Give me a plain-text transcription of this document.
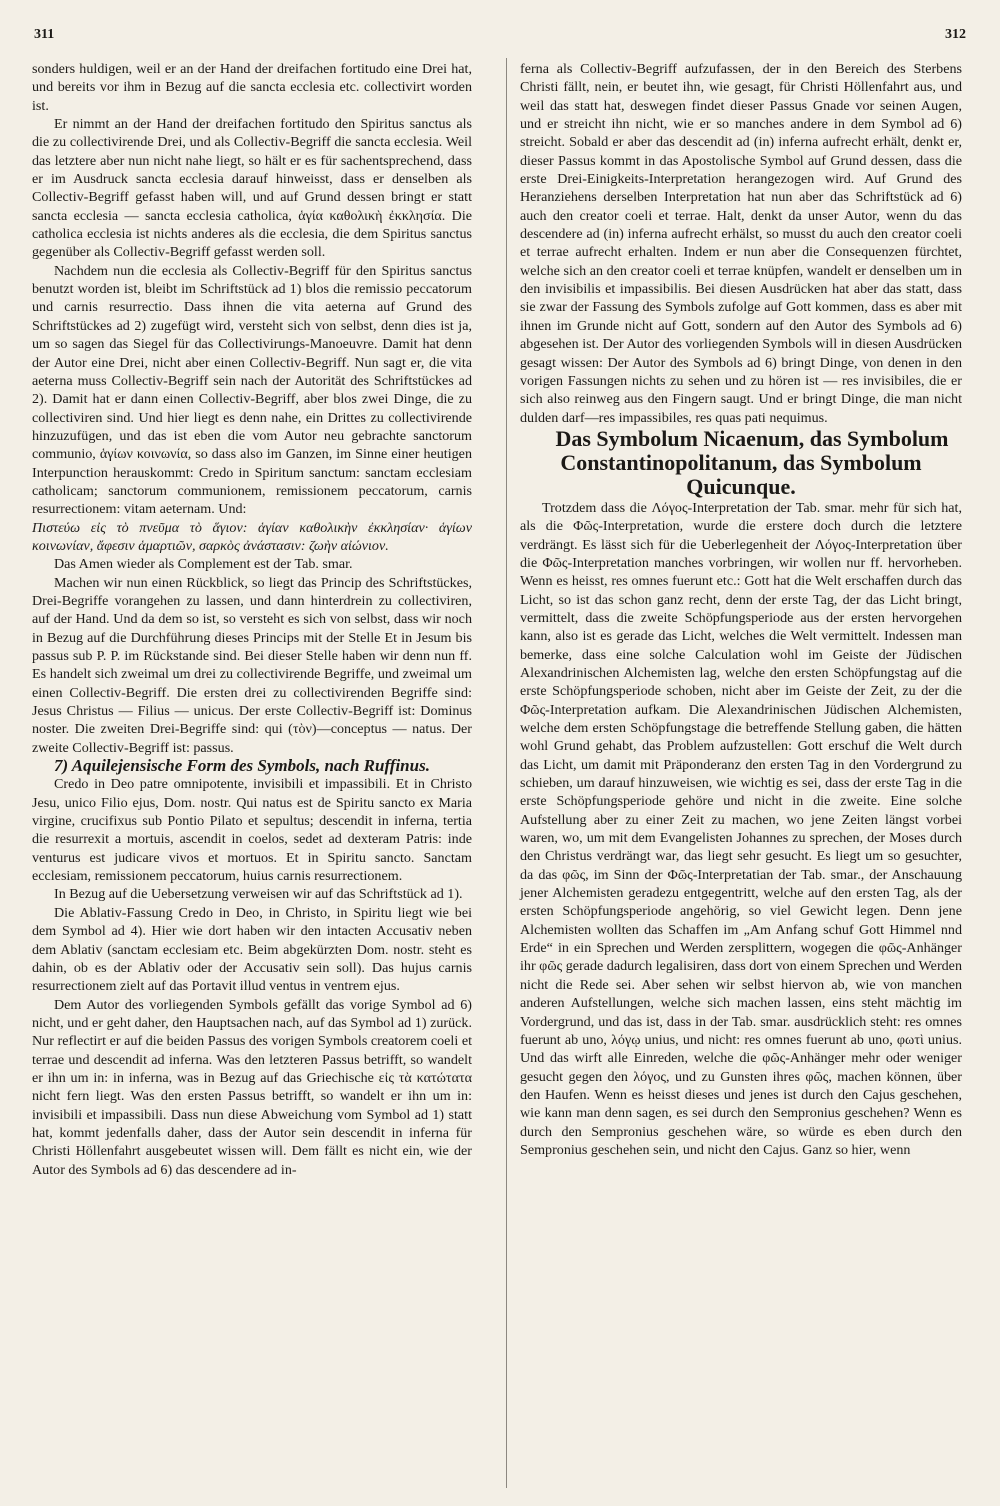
311	312

sonders huldigen, weil er an der Hand der dreifachen fortitudo eine Drei hat, und bereits vor ihm in Bezug auf die sancta ecclesia etc. collectivirt worden ist.

Er nimmt an der Hand der dreifachen fortitudo den Spiritus sanctus als die zu collectivirende Drei, und als Collectiv-Begriff die sancta ecclesia. Weil das letztere aber nun nicht nahe liegt, so hält er es für sachentsprechend, dass er im Ausdruck sancta ecclesia darauf hinweisst, dass er denselben als Collectiv-Begriff gefasst haben will, und auf Grund dessen bringt er statt sancta ecclesia — sancta ecclesia catholica, ἁγία καθολικὴ ἐκκλησία. Die catholica ecclesia ist nichts anderes als die ecclesia, die dem Spiritus sanctus gegenüber als Collectiv-Begriff gefasst werden soll.

Nachdem nun die ecclesia als Collectiv-Begriff für den Spiritus sanctus benutzt worden ist, bleibt im Schriftstück ad 1) blos die remissio peccatorum und carnis resurrectio. Dass ihnen die vita aeterna auf Grund des Schriftstückes ad 2) zugefügt wird, versteht sich von selbst, denn dies ist ja, um so sagen das Siegel für das Collectivirungs-Manoeuvre. Damit hat denn der Autor eine Drei, nicht aber einen Collectiv-Begriff. Nun sagt er, die vita aeterna muss Collectiv-Begriff sein nach der Autorität des Schriftstückes ad 2). Damit hat er dann einen Collectiv-Begriff, aber blos zwei Dinge, die zu collectiviren sind. Und hier liegt es denn nahe, ein Drittes zu collectivirende hinzuzufügen, und das ist eben die vom Autor neu gebrachte sanctorum communio, ἁγίων κοινωνία, so dass also im Ganzen, im Sinne einer heutigen Interpunction herauskommt: Credo in Spiritum sanctum: sanctam ecclesiam catholicam; sanctorum communionem, remissionem peccatorum, carnis resurrectionem: vitam aeternam. Und:

Πιστεύω εἰς τὸ πνεῦμα τὸ ἅγιον: ἁγίαν καθολικὴν ἐκκλησίαν· ἁγίων κοινωνίαν, ἄφεσιν ἁμαρτιῶν, σαρκὸς ἀνάστασιν: ζωὴν αἰώνιον.

Das Amen wieder als Complement est der Tab. smar.

Machen wir nun einen Rückblick, so liegt das Princip des Schriftstückes, Drei-Begriffe vorangehen zu lassen, und dann hinterdrein zu collectiviren, auf der Hand. Und da dem so ist, so versteht es sich von selbst, dass wir noch in Bezug auf die Durchführung dieses Princips mit der Stelle Et in Jesum bis passus sub P. P. im Rückstande sind. Bei dieser Stelle haben wir denn nun ff. Es handelt sich zweimal um drei zu collectivirende Begriffe, und zweimal um einen Collectiv-Begriff. Die ersten drei zu collectivirenden Begriffe sind: Jesus Christus — Filius — unicus. Der erste Collectiv-Begriff ist: Dominus noster. Die zweiten Drei-Begriffe sind: qui (τὸν)—conceptus — natus. Der zweite Collectiv-Begriff ist: passus.

7) Aquilejensische Form des Symbols, nach Ruffinus.

Credo in Deo patre omnipotente, invisibili et impassibili. Et in Christo Jesu, unico Filio ejus, Dom. nostr. Qui natus est de Spiritu sancto ex Maria virgine, crucifixus sub Pontio Pilato et sepultus; descendit in inferna, tertia die resurrexit a mortuis, ascendit in coelos, sedet ad dexteram Patris: inde venturus est judicare vivos et mortuos. Et in Spiritu sancto. Sanctam ecclesiam, remissionem peccatorum, huius carnis resurrectionem.

In Bezug auf die Uebersetzung verweisen wir auf das Schriftstück ad 1).

Die Ablativ-Fassung Credo in Deo, in Christo, in Spiritu liegt wie bei dem Symbol ad 4). Hier wie dort haben wir den intacten Accusativ neben dem Ablativ (sanctam ecclesiam etc. Beim abgekürzten Dom. nostr. steht es dahin, ob es der Ablativ oder der Accusativ sein soll). Das hujus carnis resurrectionem zielt auf das Portavit illud ventus in ventrem ejus.

Dem Autor des vorliegenden Symbols gefällt das vorige Symbol ad 6) nicht, und er geht daher, den Hauptsachen nach, auf das Symbol ad 1) zurück. Nur reflectirt er auf die beiden Passus des vorigen Symbols creatorem coeli et terrae und descendit ad inferna. Was den letzteren Passus betrifft, so wandelt er ihn um in: in inferna, was in Bezug auf das Griechische εἰς τὰ κατώτατα nicht fern liegt. Was den ersten Passus betrifft, so wandelt er ihn um in: invisibili et impassibili. Dass nun diese Abweichung vom Symbol ad 1) statt hat, kommt jedenfalls daher, dass der Autor sein descendit in inferna für Christi Höllenfahrt ausgebeutet wissen will. Dem fällt es nicht ein, wie der Autor des Symbols ad 6) das descendere ad in-

ferna als Collectiv-Begriff aufzufassen, der in den Bereich des Sterbens Christi fällt, nein, er beutet ihn, wie gesagt, für Christi Höllenfahrt aus, und weil das statt hat, deswegen findet dieser Passus Gnade vor seinen Augen, und er streicht ihn nicht, wie er so manches andere in dem Symbol ad 6) streicht. Sobald er aber das descendit ad (in) inferna aufrecht erhält, denkt er, dieser Passus kommt in das Apostolische Symbol auf Grund dessen, dass die erste Drei-Einigkeits-Interpretation herangezogen wird. Auf Grund des Heranziehens derselben Interpretation hat nun aber das Schriftstück ad 6) auch den creator coeli et terrae. Halt, denkt da unser Autor, wenn du das descendere ad (in) inferna aufrecht erhälst, so musst du auch den creator coeli et terrae aufrecht erhalten. Indem er nun aber die Consequenzen fürchtet, welche sich an den creator coeli et terrae knüpfen, wandelt er denselben um in den invisibilis et impassibilis. Bei diesen Ausdrücken hat aber das statt, dass sie zwar der Fassung des Symbols zufolge auf Gott kommen, dass es aber mit ihnen im Grunde nicht auf Gott, sondern auf den Autor des Symbols ad 6) abgesehen ist. Der Autor des vorliegenden Symbols will in diesen Ausdrücken gesagt wissen: Der Autor des Symbols ad 6) bringt Dinge, von denen in den vorigen Fassungen nichts zu sehen und zu hören ist — res invisibiles, die er sich also reinweg aus den Fingern saugt. Und er bringt Dinge, die man nicht dulden darf—res impassibiles, res quas pati nequimus.

Das Symbolum Nicaenum, das Symbolum Constantinopolitanum, das Symbolum Quicunque.

Trotzdem dass die Λόγος-Interpretation der Tab. smar. mehr für sich hat, als die Φῶς-Interpretation, wurde die erstere doch durch die letztere verdrängt. Es lässt sich für die Ueberlegenheit der Λόγος-Interpretation über die Φῶς-Interpretation manches vorbringen, wir wollen nur ff. hervorheben. Wenn es heisst, res omnes fuerunt etc.: Gott hat die Welt erschaffen durch das Licht, so ist das schon ganz recht, denn der erste Tag, der das Licht bringt, vermittelt, dass die zweite Schöpfungsperiode aus der ersten hervorgehen kann, also ist es gerade das Licht, welches die Welt vermittelt. Indessen man bemerke, dass eine solche Calculation wohl im Geiste der Jüdischen Alexandrinischen Alchemisten lag, welche den ersten Schöpfungstag auf die erste Schöpfungsperiode schoben, nicht aber im Geiste der Zeit, zu der die Φῶς-Interpretation aufkam. Die Alexandrinischen Jüdischen Alchemisten, welche dem ersten Schöpfungstage die betreffende Stellung gaben, die hätten wohl Grund gehabt, das Problem aufzustellen: Gott erschuf die Welt durch das Licht, um damit mit Präponderanz den ersten Tag in den Vordergrund zu schieben, um darauf hinzuweisen, wie wichtig es sei, dass der erste Tag in die erste Schöpfungsperiode gehöre und nicht in die zweite. Eine solche Aufstellung aber zu einer Zeit zu machen, wo jene Zeiten längst vorbei waren, wo, um mit dem Evangelisten Johannes zu sprechen, der Moses durch den Christus verdrängt war, das liegt sehr gesucht. Es liegt um so gesuchter, da das φῶς, im Sinn der Φῶς-Interpretatian der Tab. smar., der Anschauung jener Alchemisten geradezu entgegentritt, welche auf den ersten Tag, als der ersten Schöpfungsperiode angehörig, so viel Gewicht legen. Denn jene Alchemisten wollten das Schaffen im „Am Anfang schuf Gott Himmel nnd Erde“ in ein Sprechen und Werden zersplittern, wogegen die φῶς-Anhänger ihr φῶς gerade dadurch legalisiren, dass dort von einem Sprechen und Werden nicht die Rede sei. Aber sehen wir selbst hiervon ab, wie von manchen anderen Aufstellungen, welche sich machen lassen, eins steht mächtig im Vordergrund, und das ist, dass in der Tab. smar. ausdrücklich steht: res omnes fuerunt ab uno, λόγῳ unius, und nicht: res omnes fuerunt ab uno, φωτὶ unius. Und das wirft alle Einreden, welche die φῶς-Anhänger mehr oder weniger gesucht gegen den λόγος, und zu Gunsten ihres φῶς, machen können, über den Haufen. Wenn es heisst dieses und jenes ist durch den Cajus geschehen, wie kann man denn sagen, es sei durch den Sempronius geschehen? Wenn es durch den Sempronius geschehen wäre, so würde es eben durch den Sempronius geschehen sein, und nicht den Cajus. Ganz so hier, wenn
